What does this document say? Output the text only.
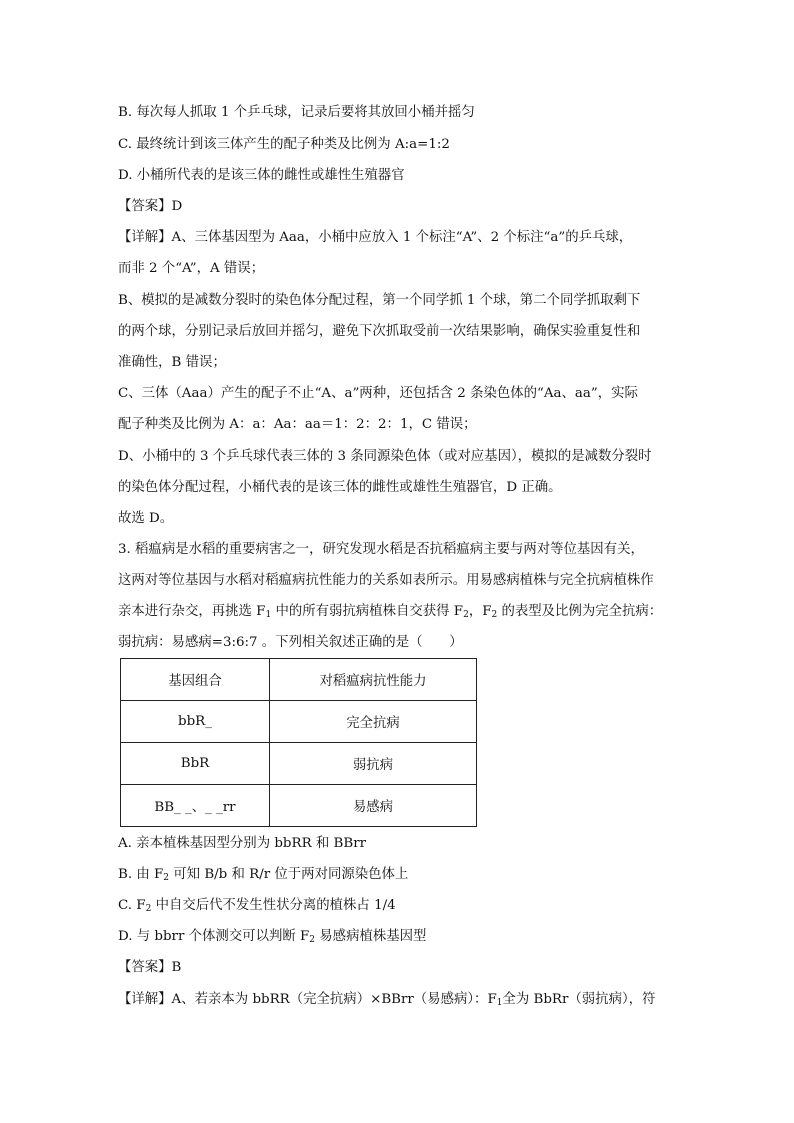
B. 每次每人抓取 1 个乒乓球，记录后要将其放回小桶并摇匀
C. 最终统计到该三体产生的配子种类及比例为 A:a=1:2
D. 小桶所代表的是该三体的雌性或雄性生殖器官
【答案】D
【详解】A、三体基因型为 Aaa，小桶中应放入 1 个标注“A”、2 个标注“a”的乒乓球，
而非 2 个“A”，A 错误；
B、模拟的是减数分裂时的染色体分配过程，第一个同学抓 1 个球，第二个同学抓取剩下
的两个球，分别记录后放回并摇匀，避免下次抓取受前一次结果影响，确保实验重复性和
准确性，B 错误；
C、三体（Aaa）产生的配子不止“A、a”两种，还包括含 2 条染色体的“Aa、aa”，实际
配子种类及比例为 A：a：Aa：aa＝1：2：2：1，C 错误；
D、小桶中的 3 个乒乓球代表三体的 3 条同源染色体（或对应基因），模拟的是减数分裂时
的染色体分配过程，小桶代表的是该三体的雌性或雄性生殖器官，D 正确。
故选 D。
3. 稻瘟病是水稻的重要病害之一，研究发现水稻是否抗稻瘟病主要与两对等位基因有关，
这两对等位基因与水稻对稻瘟病抗性能力的关系如表所示。用易感病植株与完全抗病植株作
亲本进行杂交，再挑选 $F_1$ 中的所有弱抗病植株自交获得 $F_2$，$F_2$ 的表型及比例为完全抗病：
弱抗病：易感病=3:6:7 。下列相关叙述正确的是（　　）
基因组合	对稻瘟病抗性能力
bbR_	完全抗病
BbR	弱抗病
BB_ _、_ _rr	易感病
A. 亲本植株基因型分别为 bbRR 和 BBrr
B. 由 $F_2$ 可知 B/b 和 R/r 位于两对同源染色体上
C. $F_2$ 中自交后代不发生性状分离的植株占 1/4
D. 与 bbrr 个体测交可以判断 $F_2$ 易感病植株基因型
【答案】B
【详解】A、若亲本为 bbRR（完全抗病）×BBrr（易感病）：$F_1$全为 BbRr（弱抗病），符
